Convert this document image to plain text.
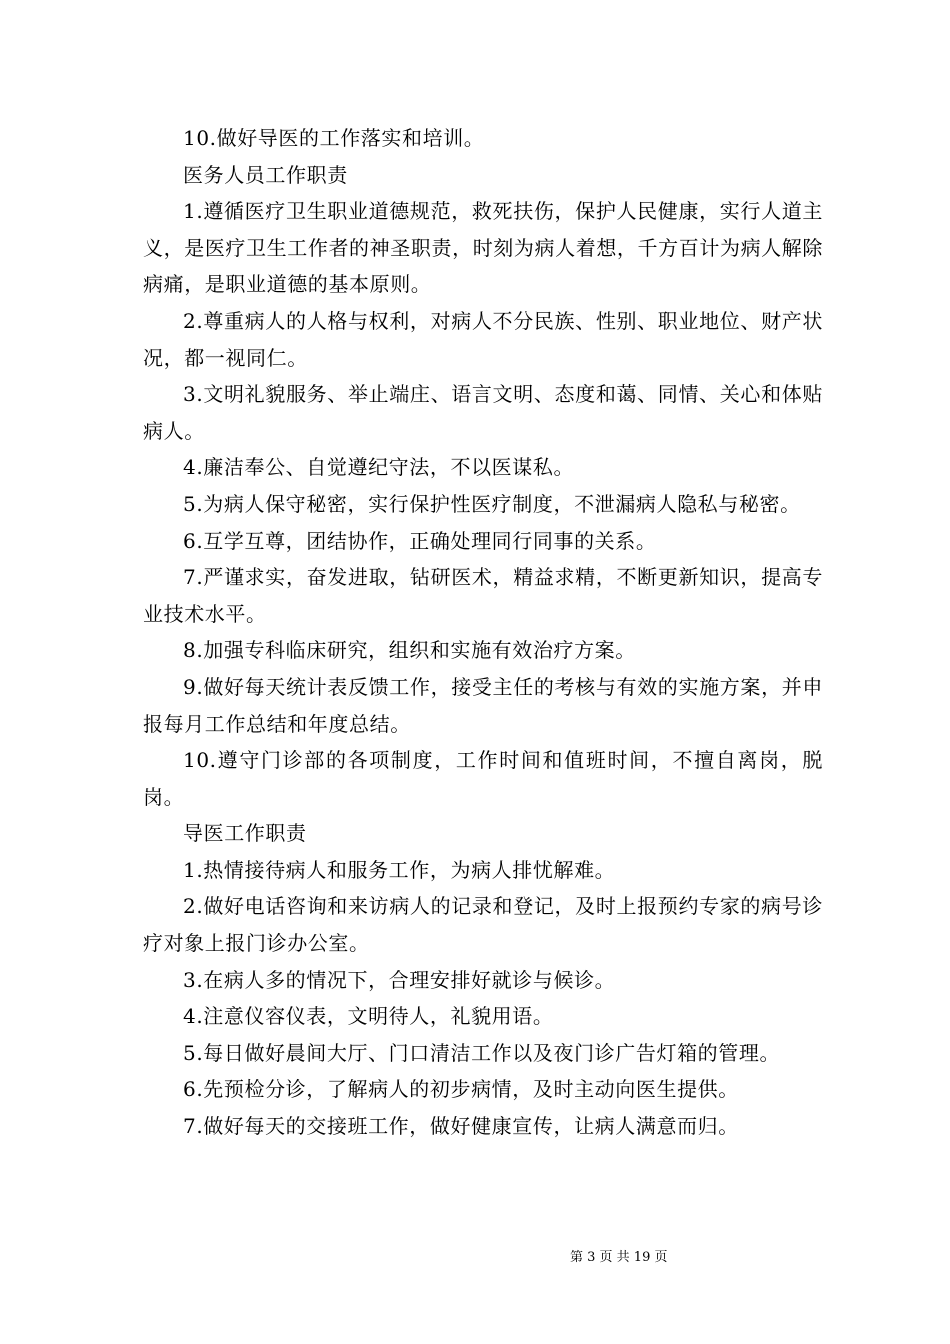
10.做好导医的工作落实和培训。

医务人员工作职责

1.遵循医疗卫生职业道德规范，救死扶伤，保护人民健康，实行人道主义，是医疗卫生工作者的神圣职责，时刻为病人着想，千方百计为病人解除病痛，是职业道德的基本原则。

2.尊重病人的人格与权利，对病人不分民族、性别、职业地位、财产状况，都一视同仁。

3.文明礼貌服务、举止端庄、语言文明、态度和蔼、同情、关心和体贴病人。

4.廉洁奉公、自觉遵纪守法，不以医谋私。

5.为病人保守秘密，实行保护性医疗制度，不泄漏病人隐私与秘密。

6.互学互尊，团结协作，正确处理同行同事的关系。

7.严谨求实，奋发进取，钻研医术，精益求精，不断更新知识，提高专业技术水平。

8.加强专科临床研究，组织和实施有效治疗方案。

9.做好每天统计表反馈工作，接受主任的考核与有效的实施方案，并申报每月工作总结和年度总结。

10.遵守门诊部的各项制度，工作时间和值班时间，不擅自离岗，脱岗。

导医工作职责

1.热情接待病人和服务工作，为病人排忧解难。

2.做好电话咨询和来访病人的记录和登记，及时上报预约专家的病号诊疗对象上报门诊办公室。

3.在病人多的情况下，合理安排好就诊与候诊。

4.注意仪容仪表，文明待人，礼貌用语。

5.每日做好晨间大厅、门口清洁工作以及夜门诊广告灯箱的管理。

6.先预检分诊，了解病人的初步病情，及时主动向医生提供。

7.做好每天的交接班工作，做好健康宣传，让病人满意而归。

第 3 页 共 19 页
